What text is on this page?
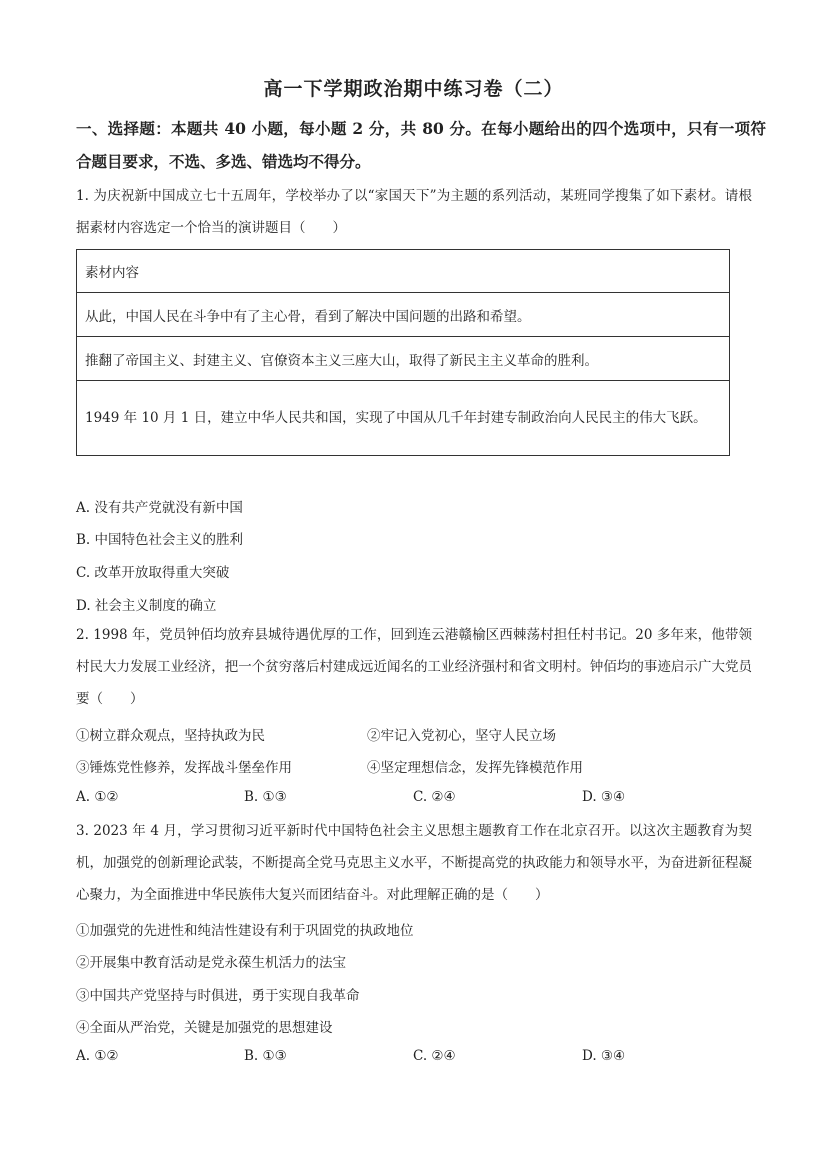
高一下学期政治期中练习卷（二）
一、选择题：本题共 40 小题，每小题 2 分，共 80 分。在每小题给出的四个选项中，只有一项符合题目要求，不选、多选、错选均不得分。
1. 为庆祝新中国成立七十五周年，学校举办了以“家国天下”为主题的系列活动，某班同学搜集了如下素材。请根据素材内容选定一个恰当的演讲题目（　　）
素材内容
从此，中国人民在斗争中有了主心骨，看到了解决中国问题的出路和希望。
推翻了帝国主义、封建主义、官僚资本主义三座大山，取得了新民主主义革命的胜利。
1949 年 10 月 1 日，建立中华人民共和国，实现了中国从几千年封建专制政治向人民民主的伟大飞跃。
A. 没有共产党就没有新中国
B. 中国特色社会主义的胜利
C. 改革开放取得重大突破
D. 社会主义制度的确立
2. 1998 年，党员钟佰均放弃县城待遇优厚的工作，回到连云港赣榆区西棘荡村担任村书记。20 多年来，他带领村民大力发展工业经济，把一个贫穷落后村建成远近闻名的工业经济强村和省文明村。钟佰均的事迹启示广大党员要（　　）
①树立群众观点，坚持执政为民	②牢记入党初心，坚守人民立场
③锤炼党性修养，发挥战斗堡垒作用	④坚定理想信念，发挥先锋模范作用
A. ①②	B. ①③	C. ②④	D. ③④
3. 2023 年 4 月，学习贯彻习近平新时代中国特色社会主义思想主题教育工作在北京召开。以这次主题教育为契机，加强党的创新理论武装，不断提高全党马克思主义水平，不断提高党的执政能力和领导水平，为奋进新征程凝心聚力，为全面推进中华民族伟大复兴而团结奋斗。对此理解正确的是（　　）
①加强党的先进性和纯洁性建设有利于巩固党的执政地位
②开展集中教育活动是党永葆生机活力的法宝
③中国共产党坚持与时俱进，勇于实现自我革命
④全面从严治党，关键是加强党的思想建设
A. ①②	B. ①③	C. ②④	D. ③④
